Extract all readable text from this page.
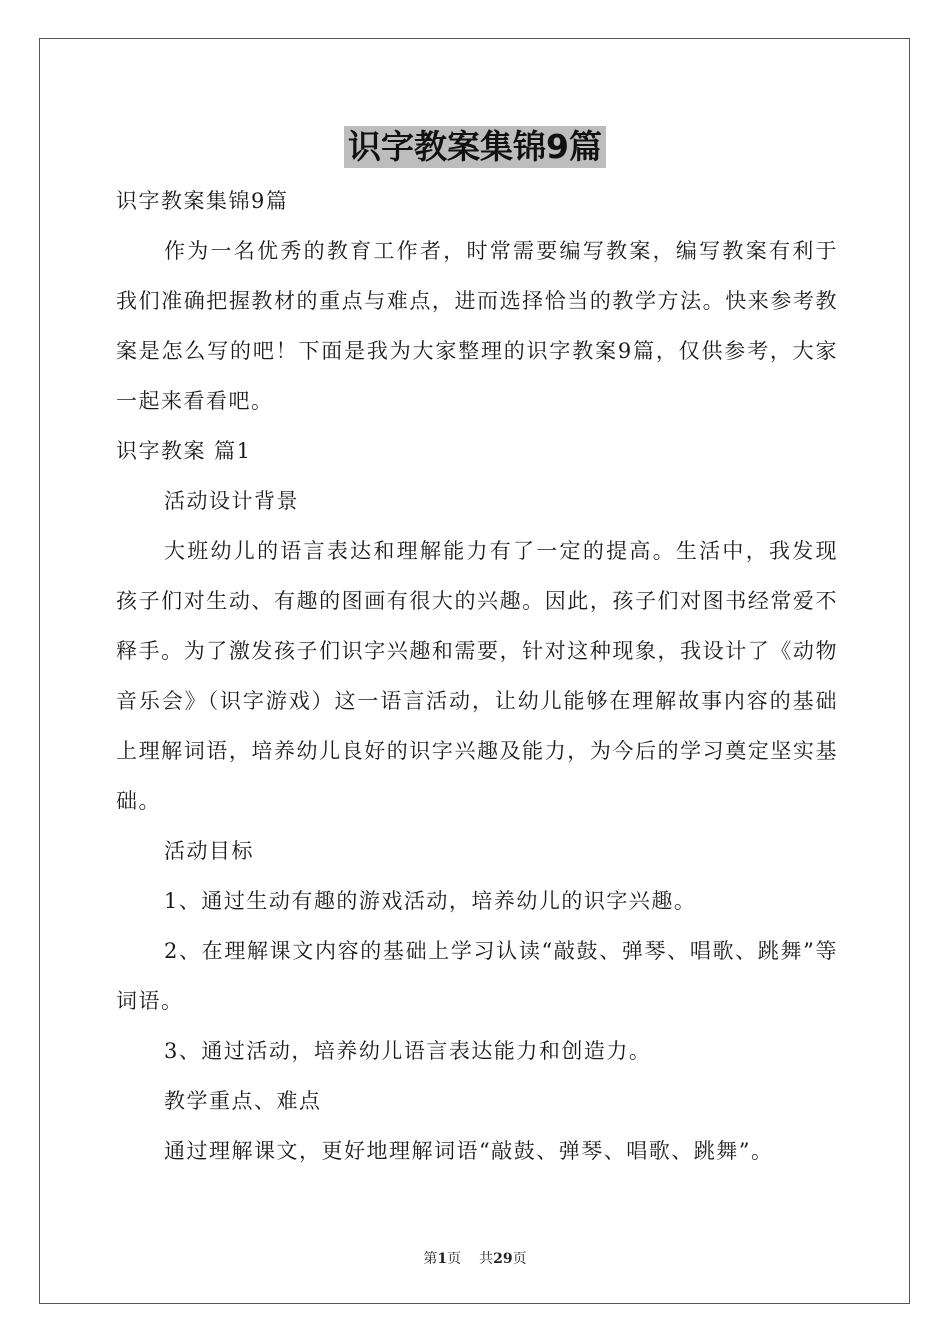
识字教案集锦9篇

识字教案集锦9篇

作为一名优秀的教育工作者，时常需要编写教案，编写教案有利于我们准确把握教材的重点与难点，进而选择恰当的教学方法。快来参考教案是怎么写的吧！下面是我为大家整理的识字教案9篇，仅供参考，大家一起来看看吧。

识字教案 篇1

活动设计背景

大班幼儿的语言表达和理解能力有了一定的提高。生活中，我发现孩子们对生动、有趣的图画有很大的兴趣。因此，孩子们对图书经常爱不释手。为了激发孩子们识字兴趣和需要，针对这种现象，我设计了《动物音乐会》（识字游戏）这一语言活动，让幼儿能够在理解故事内容的基础上理解词语，培养幼儿良好的识字兴趣及能力，为今后的学习奠定坚实基础。

活动目标

1、通过生动有趣的游戏活动，培养幼儿的识字兴趣。

2、在理解课文内容的基础上学习认读“敲鼓、弹琴、唱歌、跳舞”等词语。

3、通过活动，培养幼儿语言表达能力和创造力。

教学重点、难点

通过理解课文，更好地理解词语“敲鼓、弹琴、唱歌、跳舞”。

第1页 共29页
